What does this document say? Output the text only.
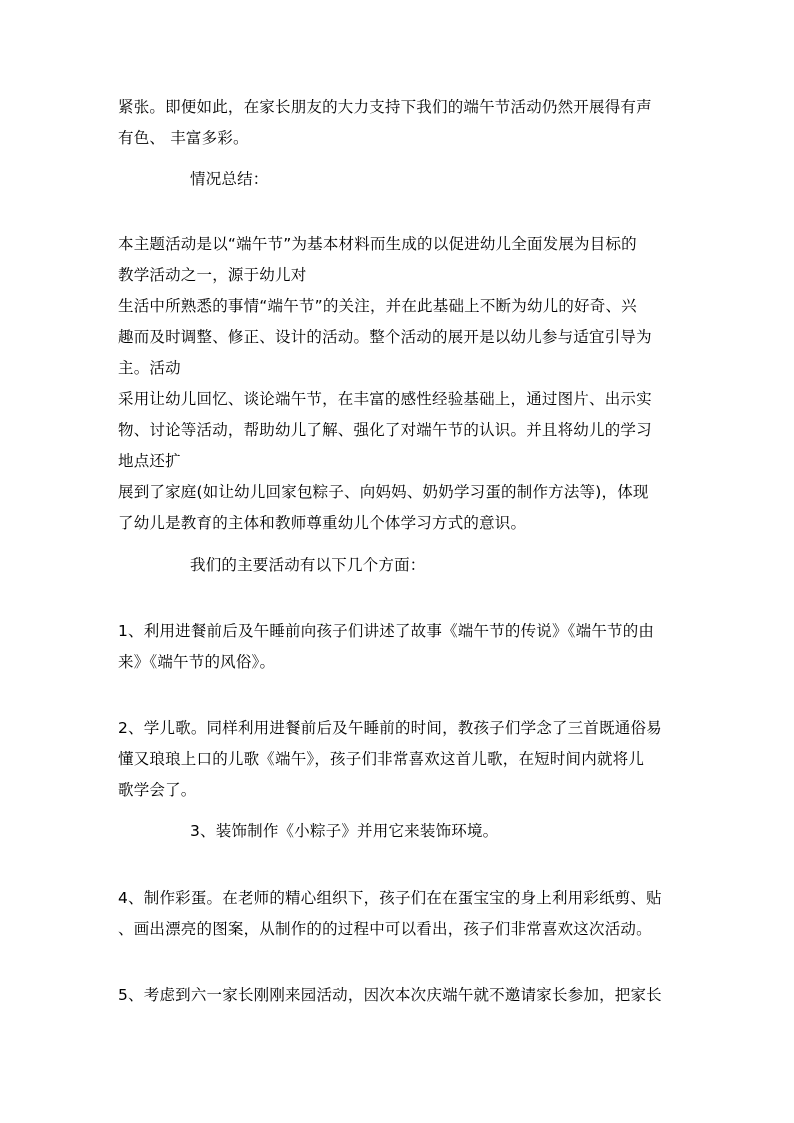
紧张。即便如此，在家长朋友的大力支持下我们的端午节活动仍然开展得有声
有色、 丰富多彩。
情况总结：
本主题活动是以“端午节”为基本材料而生成的以促进幼儿全面发展为目标的
教学活动之一，源于幼儿对
生活中所熟悉的事情“端午节”的关注，并在此基础上不断为幼儿的好奇、兴
趣而及时调整、修正、设计的活动。整个活动的展开是以幼儿参与适宜引导为
主。活动
采用让幼儿回忆、谈论端午节，在丰富的感性经验基础上，通过图片、出示实
物、讨论等活动，帮助幼儿了解、强化了对端午节的认识。并且将幼儿的学习
地点还扩
展到了家庭(如让幼儿回家包粽子、向妈妈、奶奶学习蛋的制作方法等)，体现
了幼儿是教育的主体和教师尊重幼儿个体学习方式的意识。
我们的主要活动有以下几个方面：
1、利用进餐前后及午睡前向孩子们讲述了故事《端午节的传说》《端午节的由
来》《端午节的风俗》。
2、学儿歌。同样利用进餐前后及午睡前的时间，教孩子们学念了三首既通俗易
懂又琅琅上口的儿歌《端午》，孩子们非常喜欢这首儿歌，在短时间内就将儿
歌学会了。
3、装饰制作《小粽子》并用它来装饰环境。
4、制作彩蛋。在老师的精心组织下，孩子们在在蛋宝宝的身上利用彩纸剪、贴
、画出漂亮的图案，从制作的的过程中可以看出，孩子们非常喜欢这次活动。
5、考虑到六一家长刚刚来园活动，因次本次庆端午就不邀请家长参加，把家长
